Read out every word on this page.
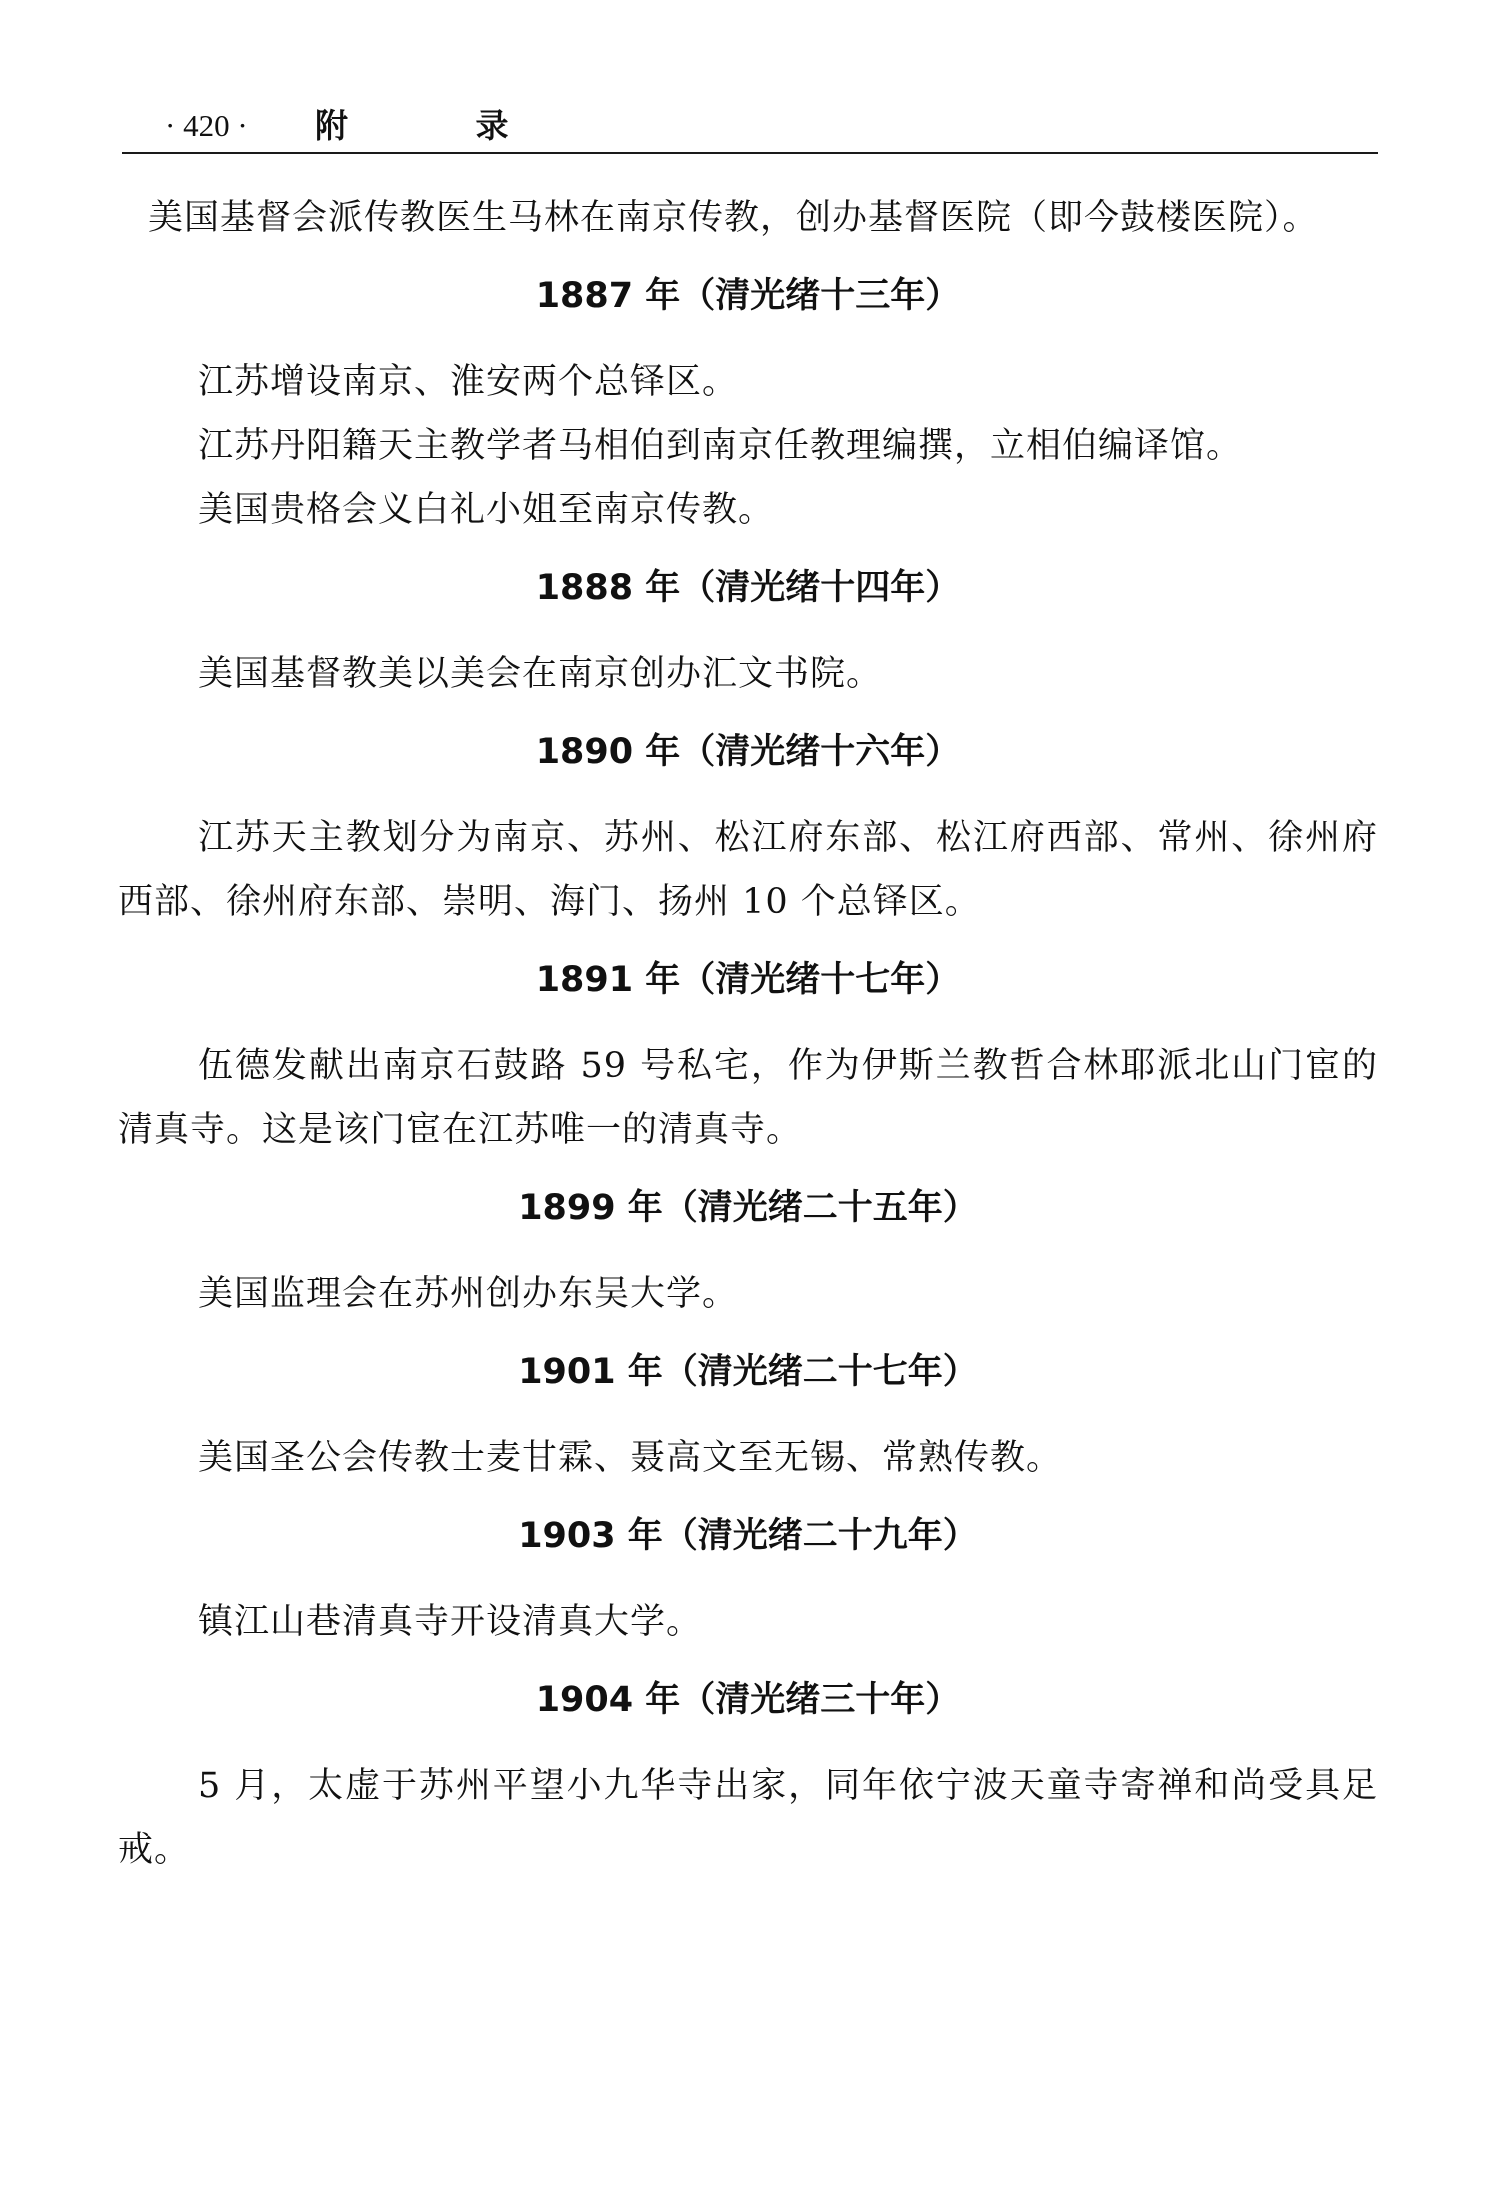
· 420 · 附 录

美国基督会派传教医生马林在南京传教，创办基督医院（即今鼓楼医院）。

1887 年（清光绪十三年）

江苏增设南京、淮安两个总铎区。

江苏丹阳籍天主教学者马相伯到南京任教理编撰，立相伯编译馆。

美国贵格会义白礼小姐至南京传教。

1888 年（清光绪十四年）

美国基督教美以美会在南京创办汇文书院。

1890 年（清光绪十六年）

江苏天主教划分为南京、苏州、松江府东部、松江府西部、常州、徐州府西部、徐州府东部、崇明、海门、扬州 10 个总铎区。

1891 年（清光绪十七年）

伍德发献出南京石鼓路 59 号私宅，作为伊斯兰教哲合林耶派北山门宦的清真寺。这是该门宦在江苏唯一的清真寺。

1899 年（清光绪二十五年）

美国监理会在苏州创办东吴大学。

1901 年（清光绪二十七年）

美国圣公会传教士麦甘霖、聂高文至无锡、常熟传教。

1903 年（清光绪二十九年）

镇江山巷清真寺开设清真大学。

1904 年（清光绪三十年）

5 月，太虚于苏州平望小九华寺出家，同年依宁波天童寺寄禅和尚受具足戒。
